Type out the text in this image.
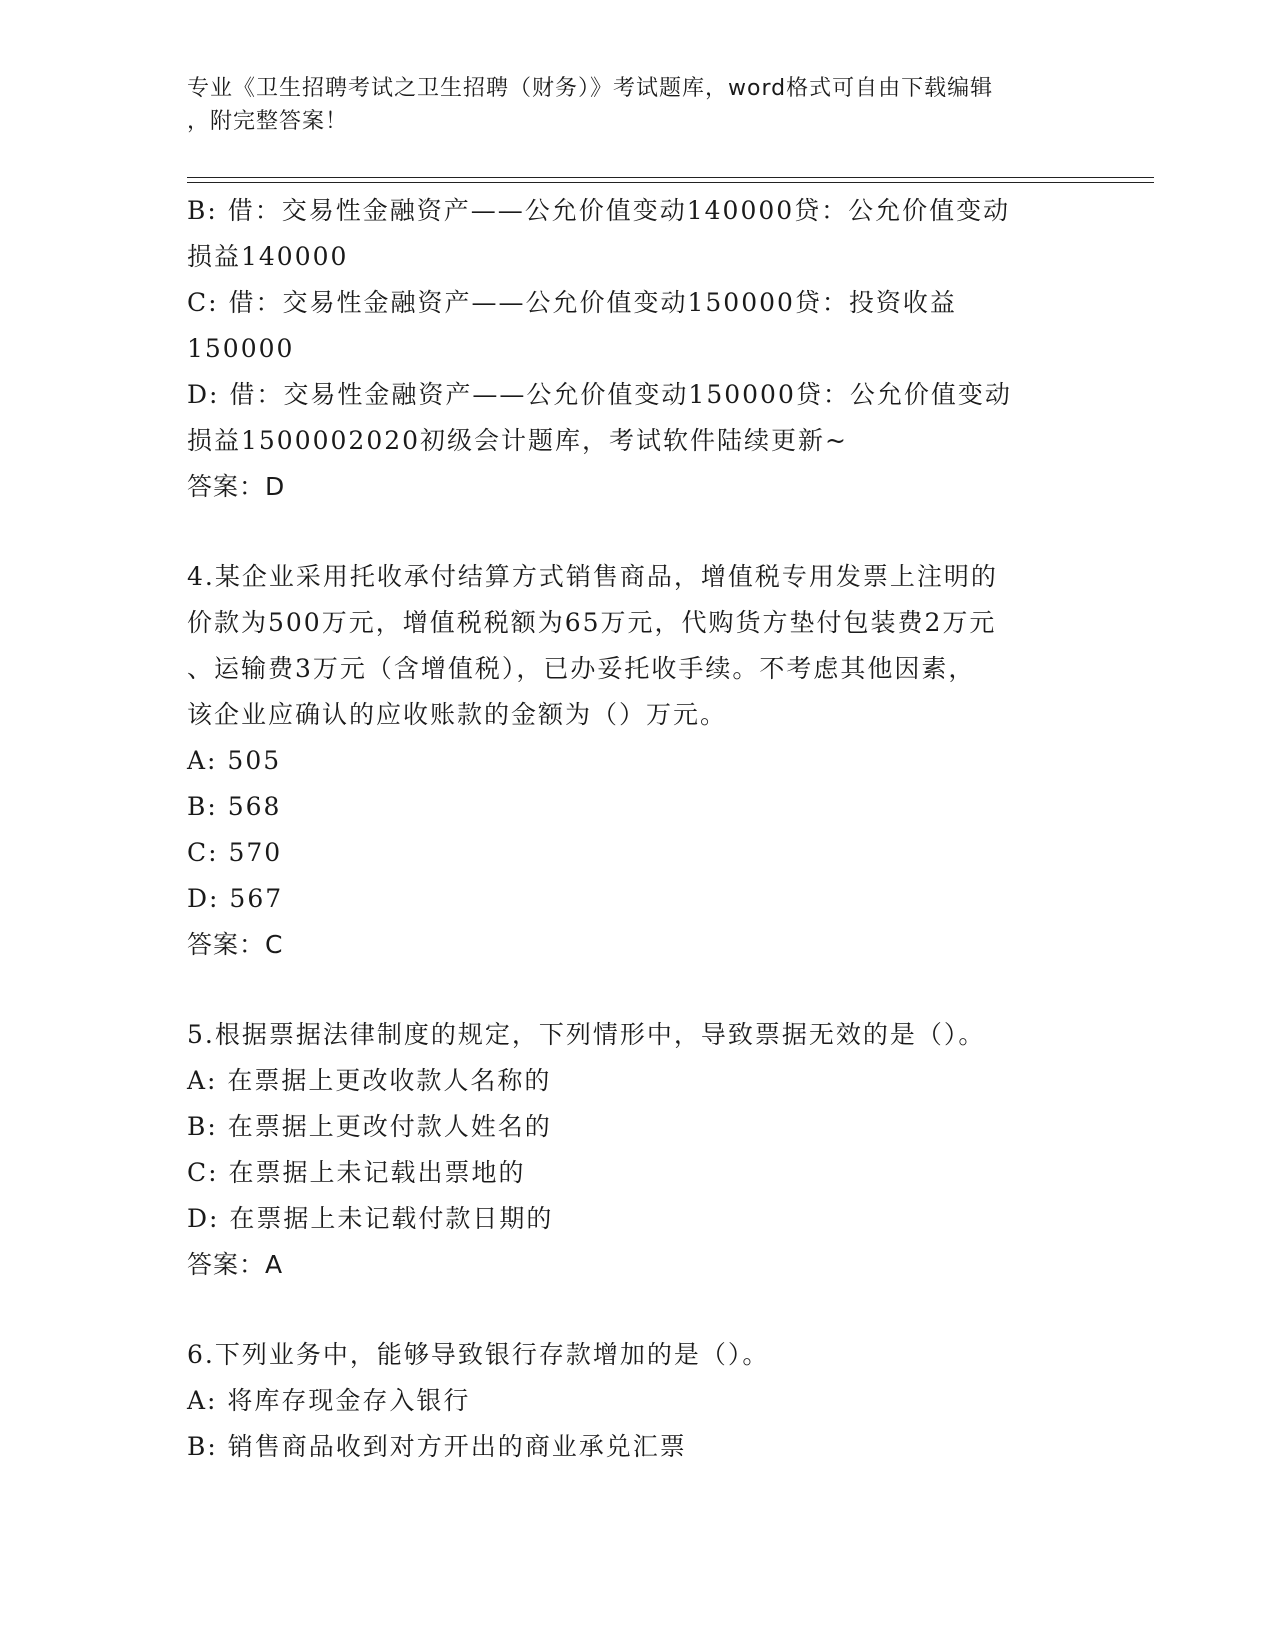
专业《卫生招聘考试之卫生招聘（财务）》考试题库，word格式可自由下载编辑
，附完整答案！
B: 借：交易性金融资产——公允价值变动140000贷：公允价值变动
损益140000
C: 借：交易性金融资产——公允价值变动150000贷：投资收益
150000
D: 借：交易性金融资产——公允价值变动150000贷：公允价值变动
损益1500002020初级会计题库，考试软件陆续更新~
答案：D
4.某企业采用托收承付结算方式销售商品，增值税专用发票上注明的
价款为500万元，增值税税额为65万元，代购货方垫付包装费2万元
、运输费3万元（含增值税），已办妥托收手续。不考虑其他因素，
该企业应确认的应收账款的金额为（）万元。
A: 505
B: 568
C: 570
D: 567
答案：C
5.根据票据法律制度的规定，下列情形中，导致票据无效的是（）。
A: 在票据上更改收款人名称的
B: 在票据上更改付款人姓名的
C: 在票据上未记载出票地的
D: 在票据上未记载付款日期的
答案：A
6.下列业务中，能够导致银行存款增加的是（）。
A: 将库存现金存入银行
B: 销售商品收到对方开出的商业承兑汇票
